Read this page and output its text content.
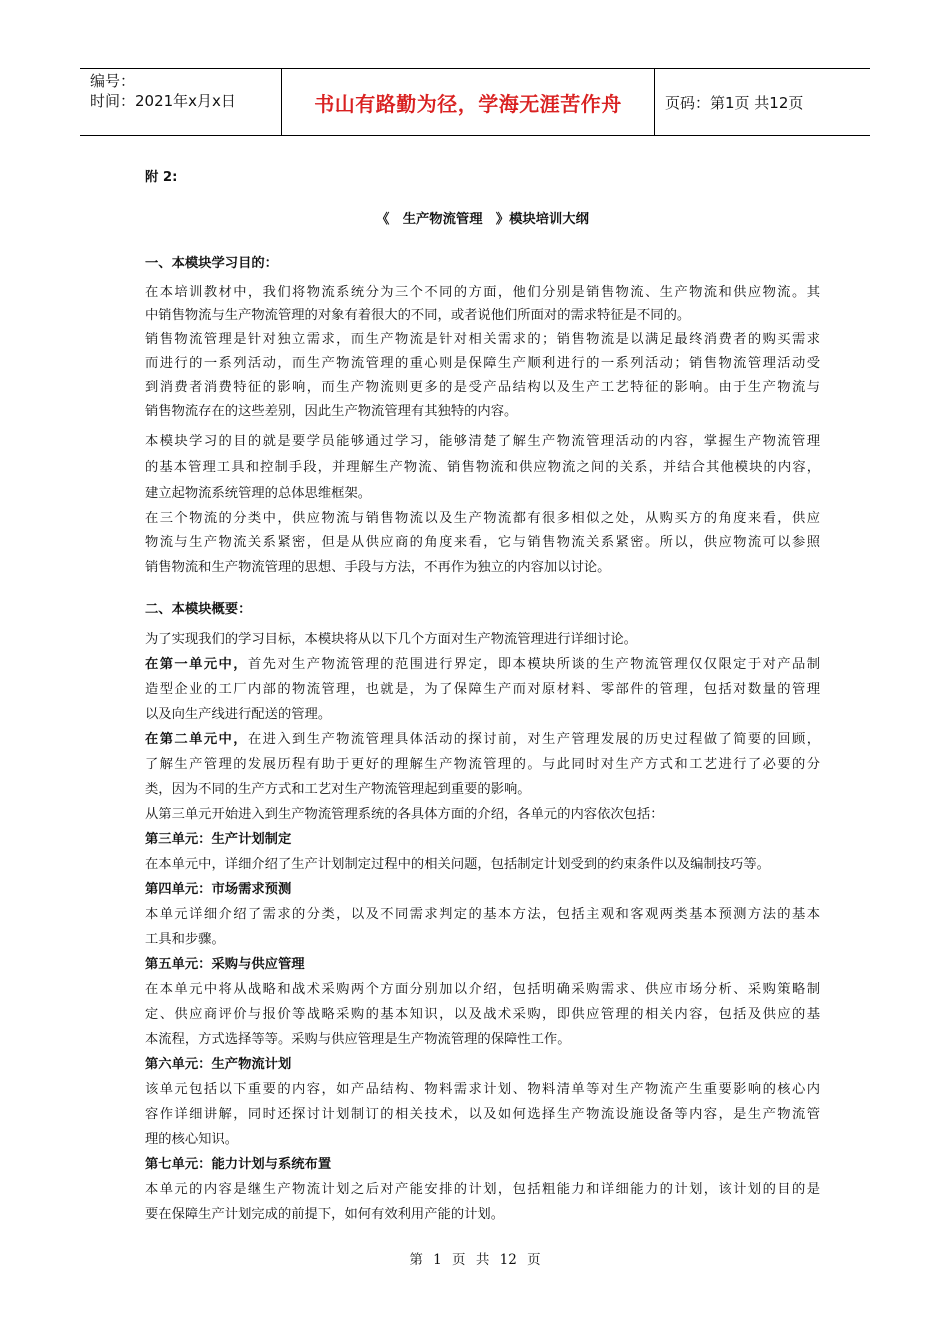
编号：
时间：2021年x月x日	书山有路勤为径，学海无涯苦作舟	页码：第1页 共12页
附 2:
《　生产物流管理　》模块培训大纲
一、本模块学习目的：
在本培训教材中，我们将物流系统分为三个不同的方面，他们分别是销售物流、生产物流和供应物流。其
中销售物流与生产物流管理的对象有着很大的不同，或者说他们所面对的需求特征是不同的。
销售物流管理是针对独立需求，而生产物流是针对相关需求的；销售物流是以满足最终消费者的购买需求
而进行的一系列活动，而生产物流管理的重心则是保障生产顺利进行的一系列活动；销售物流管理活动受
到消费者消费特征的影响，而生产物流则更多的是受产品结构以及生产工艺特征的影响。由于生产物流与
销售物流存在的这些差别，因此生产物流管理有其独特的内容。
本模块学习的目的就是要学员能够通过学习，能够清楚了解生产物流管理活动的内容，掌握生产物流管理
的基本管理工具和控制手段，并理解生产物流、销售物流和供应物流之间的关系，并结合其他模块的内容，
建立起物流系统管理的总体思维框架。
在三个物流的分类中，供应物流与销售物流以及生产物流都有很多相似之处，从购买方的角度来看，供应
物流与生产物流关系紧密，但是从供应商的角度来看，它与销售物流关系紧密。所以，供应物流可以参照
销售物流和生产物流管理的思想、手段与方法，不再作为独立的内容加以讨论。
二、本模块概要：
为了实现我们的学习目标，本模块将从以下几个方面对生产物流管理进行详细讨论。
在第一单元中，首先对生产物流管理的范围进行界定，即本模块所谈的生产物流管理仅仅限定于对产品制
造型企业的工厂内部的物流管理，也就是，为了保障生产而对原材料、零部件的管理，包括对数量的管理
以及向生产线进行配送的管理。
在第二单元中，在进入到生产物流管理具体活动的探讨前，对生产管理发展的历史过程做了简要的回顾，
了解生产管理的发展历程有助于更好的理解生产物流管理的。与此同时对生产方式和工艺进行了必要的分
类，因为不同的生产方式和工艺对生产物流管理起到重要的影响。
从第三单元开始进入到生产物流管理系统的各具体方面的介绍，各单元的内容依次包括：
第三单元：生产计划制定
在本单元中，详细介绍了生产计划制定过程中的相关问题，包括制定计划受到的约束条件以及编制技巧等。
第四单元：市场需求预测
本单元详细介绍了需求的分类，以及不同需求判定的基本方法，包括主观和客观两类基本预测方法的基本
工具和步骤。
第五单元：采购与供应管理
在本单元中将从战略和战术采购两个方面分别加以介绍，包括明确采购需求、供应市场分析、采购策略制
定、供应商评价与报价等战略采购的基本知识，以及战术采购，即供应管理的相关内容，包括及供应的基
本流程，方式选择等等。采购与供应管理是生产物流管理的保障性工作。
第六单元：生产物流计划
该单元包括以下重要的内容，如产品结构、物料需求计划、物料清单等对生产物流产生重要影响的核心内
容作详细讲解，同时还探讨计划制订的相关技术，以及如何选择生产物流设施设备等内容，是生产物流管
理的核心知识。
第七单元：能力计划与系统布置
本单元的内容是继生产物流计划之后对产能安排的计划，包括粗能力和详细能力的计划，该计划的目的是
要在保障生产计划完成的前提下，如何有效利用产能的计划。
第 1 页 共 12 页
